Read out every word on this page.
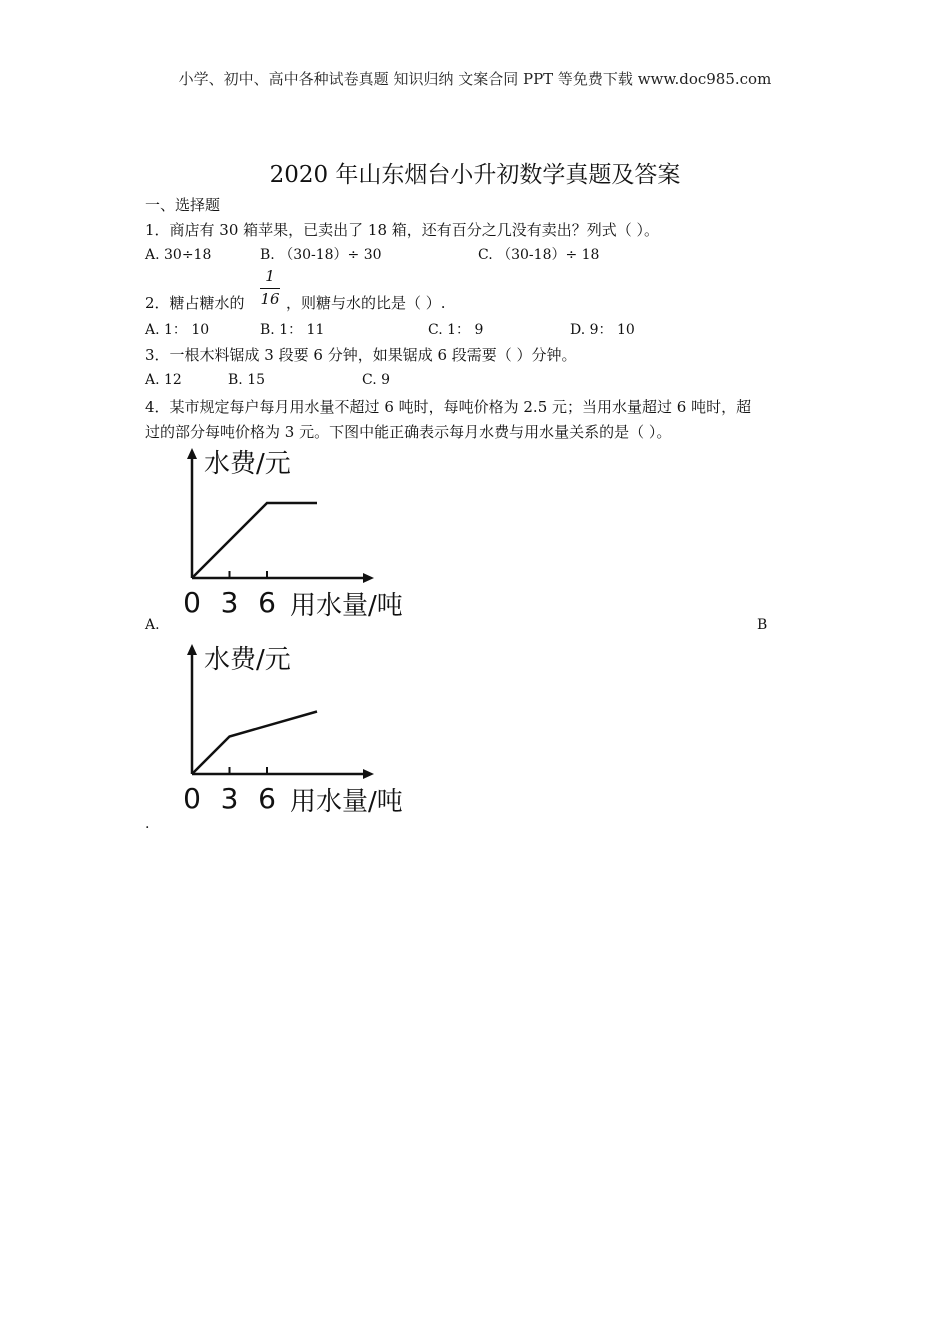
小学、初中、高中各种试卷真题 知识归纳 文案合同 PPT 等免费下载 www.doc985.com
2020 年山东烟台小升初数学真题及答案
一、选择题
1．商店有 30 箱苹果，已卖出了 18 箱，还有百分之几没有卖出？列式（ ）。
A. 30÷18	B. （30-18）÷ 30	C. （30-18）÷ 18
2．糖占糖水的
1
16 ，则糖与水的比是（ ）.
A. 1： 10	B. 1： 11	C. 1： 9	D. 9： 10
3．一根木料锯成 3 段要 6 分钟，如果锯成 6 段需要（ ）分钟。
A. 12	B. 15	C. 9
4．某市规定每户每月用水量不超过 6 吨时，每吨价格为 2.5 元；当用水量超过 6 吨时，超
过的部分每吨价格为 3 元。下图中能正确表示每月水费与用水量关系的是（ ）。
0 3 6
水费/元
用水量/吨
A.	B
0 3 6
水费/元
用水量/吨
.
